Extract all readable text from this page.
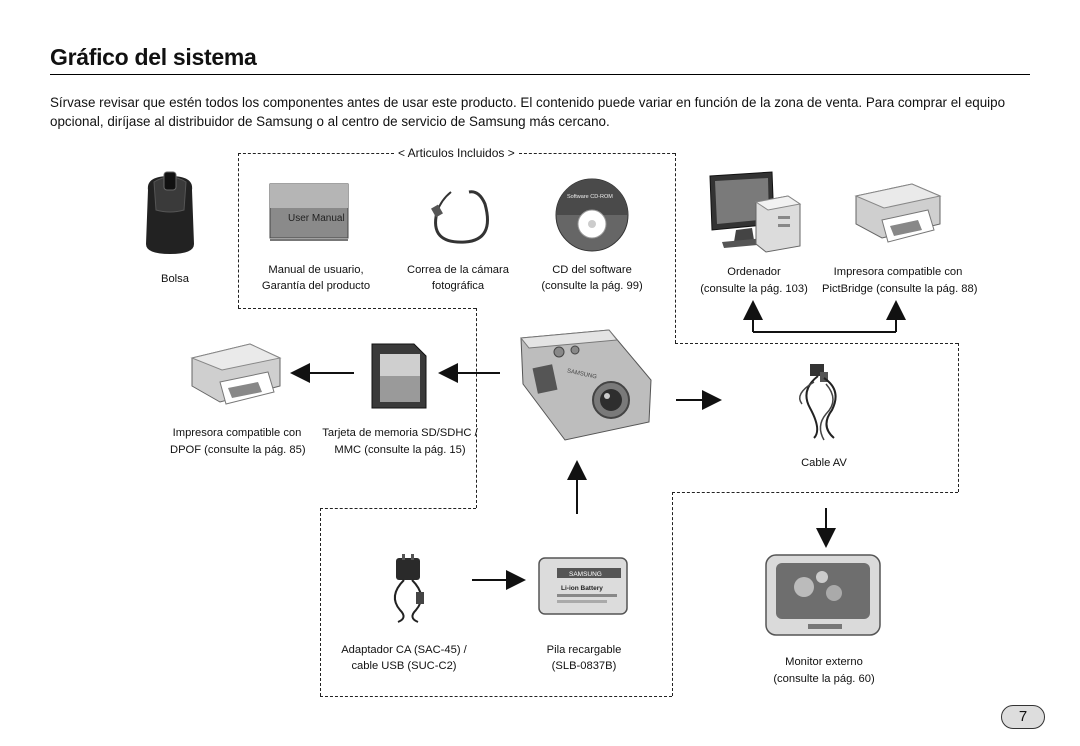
Gráfico del sistema
Sírvase revisar que estén todos los componentes antes de usar este producto. El contenido puede variar en función de la zona de venta. Para comprar el equipo opcional, diríjase al distribuidor de Samsung o al centro de servicio de Samsung más cercano.
< Articulos Incluidos >
Bolsa
User Manual
Manual de usuario,
Garantía del producto
Correa de la cámara
fotográfica
Software CD-ROM
CD del software
(consulte la pág. 99)
Ordenador
(consulte la pág. 103)
Impresora compatible con
PictBridge (consulte la pág. 88)
Impresora compatible con
DPOF (consulte la pág. 85)
Tarjeta de memoria SD/SDHC /
MMC (consulte la pág. 15)
SAMSUNG
Cable AV
Adaptador CA (SAC-45) /
cable USB (SUC-C2)
SAMSUNG
Li-ion Battery
Pila recargable
(SLB-0837B)	Monitor externo
(consulte la pág. 60)
7
